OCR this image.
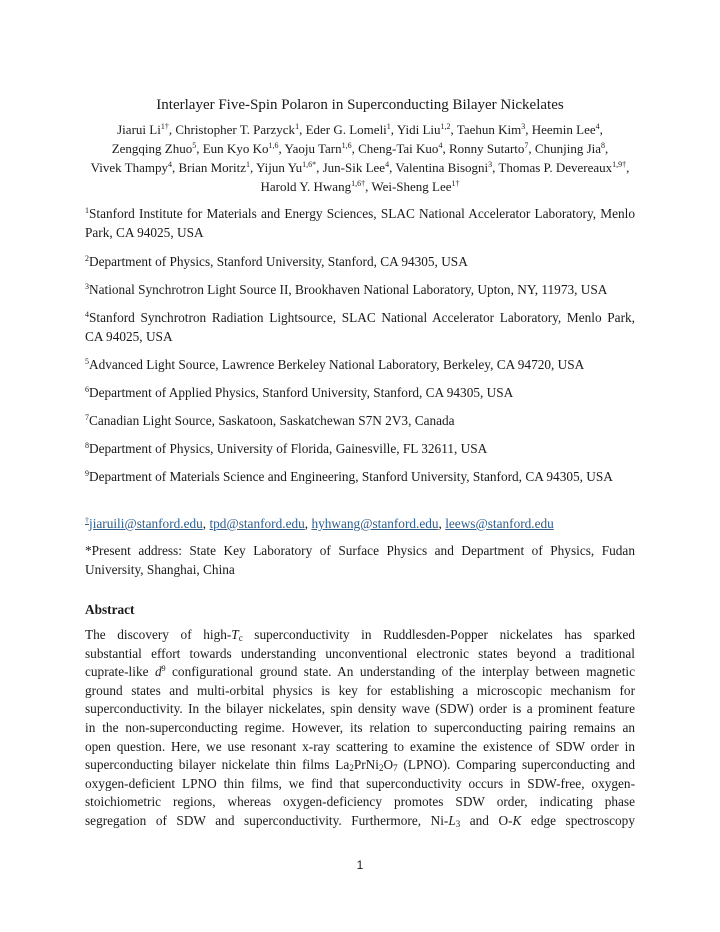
Interlayer Five-Spin Polaron in Superconducting Bilayer Nickelates
Jiarui $Li^{1\dagger}$, Christopher T. Parzyck$^1$, Eder G. Lomeli$^1$, Yidi Liu$^{1,2}$, Taehun Kim$^3$, Heemin Lee$^4$,
Zengqing Zhuo$^5$, Eun Kyo Ko$^{1,6}$, Yaoju Tarn$^{1,6}$, Cheng-Tai Kuo$^4$, Ronny Sutarto$^7$, Chunjing Jia$^8$,
Vivek Thampy$^4$, Brian Moritz$^1$, Yijun $Yu^{1,6*}$, Jun-Sik Lee$^4$, Valentina Bisogni$^3$, Thomas P. Devereaux$^{1,9\dagger}$, Harold Y. Hwang$^{1,6\dagger}$, Wei-Sheng Lee$^{1\dagger}$
$^1$Stanford Institute for Materials and Energy Sciences, SLAC National Accelerator Laboratory, Menlo Park, CA 94025, USA
$^2$Department of Physics, Stanford University, Stanford, CA 94305, USA
$^3$National Synchrotron Light Source II, Brookhaven National Laboratory, Upton, NY, 11973, USA
$^4$Stanford Synchrotron Radiation Lightsource, SLAC National Accelerator Laboratory, Menlo Park, CA 94025, USA
$^5$Advanced Light Source, Lawrence Berkeley National Laboratory, Berkeley, CA 94720, USA
$^6$Department of Applied Physics, Stanford University, Stanford, CA 94305, USA
$^7$Canadian Light Source, Saskatoon, Saskatchewan S7N 2V3, Canada
$^8$Department of Physics, University of Florida, Gainesville, FL 32611, USA
$^9$Department of Materials Science and Engineering, Stanford University, Stanford, CA 94305, USA
†jiaruili@stanford.edu, tpd@stanford.edu, hyhwang@stanford.edu, leews@stanford.edu
*Present address: State Key Laboratory of Surface Physics and Department of Physics, Fudan University, Shanghai, China
Abstract
The discovery of high-$T_c$ superconductivity in Ruddlesden-Popper nickelates has sparked
substantial effort towards understanding unconventional electronic states beyond a traditional
cuprate-like $d^9$ configurational ground state. An understanding of the interplay between magnetic
ground states and multi-orbital physics is key for establishing a microscopic mechanism for
superconductivity. In the bilayer nickelates, spin density wave (SDW) order is a prominent feature
in the non-superconducting regime. However, its relation to superconducting pairing remains an
open question. Here, we use resonant x-ray scattering to examine the existence of SDW order in
superconducting bilayer nickelate thin films $La_2PrNi_2O_7$ (LPNO). Comparing superconducting and
oxygen-deficient LPNO thin films, we find that superconductivity occurs in SDW-free, oxygen-
stoichiometric regions, whereas oxygen-deficiency promotes SDW order, indicating phase
segregation of SDW and superconductivity. Furthermore, $Ni-L_3$ and O-K edge spectroscopy
1
